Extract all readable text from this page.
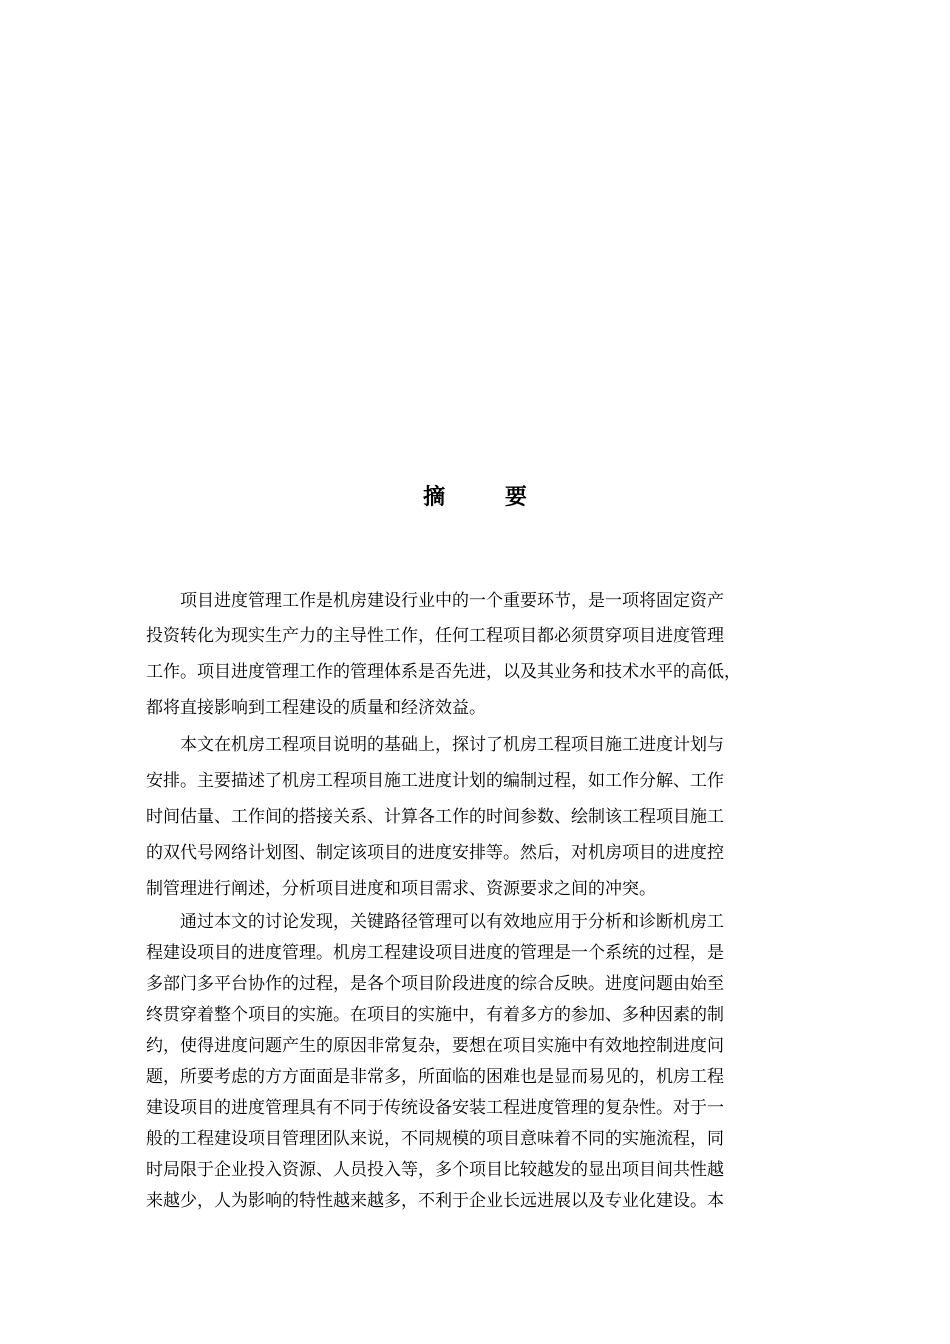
摘 要
项目进度管理工作是机房建设行业中的一个重要环节，是一项将固定资产
投资转化为现实生产力的主导性工作，任何工程项目都必须贯穿项目进度管理
工作。项目进度管理工作的管理体系是否先进，以及其业务和技术水平的高低，
都将直接影响到工程建设的质量和经济效益。
本文在机房工程项目说明的基础上，探讨了机房工程项目施工进度计划与
安排。主要描述了机房工程项目施工进度计划的编制过程，如工作分解、工作
时间估量、工作间的搭接关系、计算各工作的时间参数、绘制该工程项目施工
的双代号网络计划图、制定该项目的进度安排等。然后，对机房项目的进度控
制管理进行阐述，分析项目进度和项目需求、资源要求之间的冲突。
通过本文的讨论发现，关键路径管理可以有效地应用于分析和诊断机房工
程建设项目的进度管理。机房工程建设项目进度的管理是一个系统的过程，是
多部门多平台协作的过程，是各个项目阶段进度的综合反映。进度问题由始至
终贯穿着整个项目的实施。在项目的实施中，有着多方的参加、多种因素的制
约，使得进度问题产生的原因非常复杂，要想在项目实施中有效地控制进度问
题，所要考虑的方方面面是非常多，所面临的困难也是显而易见的，机房工程
建设项目的进度管理具有不同于传统设备安装工程进度管理的复杂性。对于一
般的工程建设项目管理团队来说，不同规模的项目意味着不同的实施流程，同
时局限于企业投入资源、人员投入等，多个项目比较越发的显出项目间共性越
来越少，人为影响的特性越来越多，不利于企业长远进展以及专业化建设。本
